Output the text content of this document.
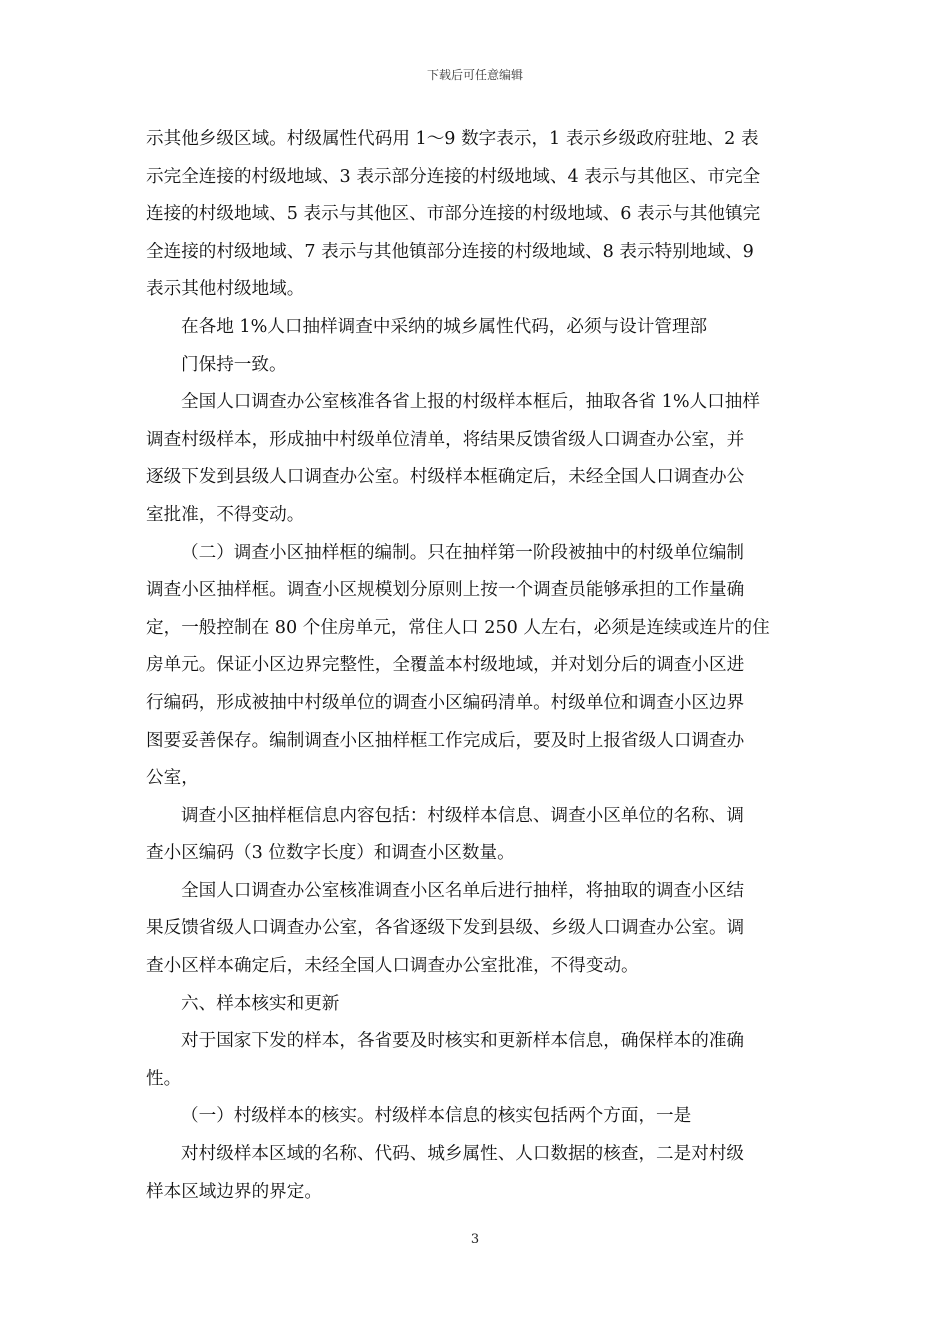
下载后可任意编辑
示其他乡级区域。村级属性代码用 1～9 数字表示，1 表示乡级政府驻地、2 表
示完全连接的村级地域、3 表示部分连接的村级地域、4 表示与其他区、市完全
连接的村级地域、5 表示与其他区、市部分连接的村级地域、6 表示与其他镇完
全连接的村级地域、7 表示与其他镇部分连接的村级地域、8 表示特别地域、9
表示其他村级地域。
在各地 1%人口抽样调查中采纳的城乡属性代码，必须与设计管理部
门保持一致。
全国人口调查办公室核准各省上报的村级样本框后，抽取各省 1%人口抽样
调查村级样本，形成抽中村级单位清单，将结果反馈省级人口调查办公室，并
逐级下发到县级人口调查办公室。村级样本框确定后，未经全国人口调查办公
室批准，不得变动。
（二）调查小区抽样框的编制。只在抽样第一阶段被抽中的村级单位编制
调查小区抽样框。调查小区规模划分原则上按一个调查员能够承担的工作量确
定，一般控制在 80 个住房单元，常住人口 250 人左右，必须是连续或连片的住
房单元。保证小区边界完整性，全覆盖本村级地域，并对划分后的调查小区进
行编码，形成被抽中村级单位的调查小区编码清单。村级单位和调查小区边界
图要妥善保存。编制调查小区抽样框工作完成后，要及时上报省级人口调查办
公室，
调查小区抽样框信息内容包括：村级样本信息、调查小区单位的名称、调
查小区编码（3 位数字长度）和调查小区数量。
全国人口调查办公室核准调查小区名单后进行抽样，将抽取的调查小区结
果反馈省级人口调查办公室，各省逐级下发到县级、乡级人口调查办公室。调
查小区样本确定后，未经全国人口调查办公室批准，不得变动。
六、样本核实和更新
对于国家下发的样本，各省要及时核实和更新样本信息，确保样本的准确
性。
（一）村级样本的核实。村级样本信息的核实包括两个方面，一是
对村级样本区域的名称、代码、城乡属性、人口数据的核查，二是对村级
样本区域边界的界定。
3
